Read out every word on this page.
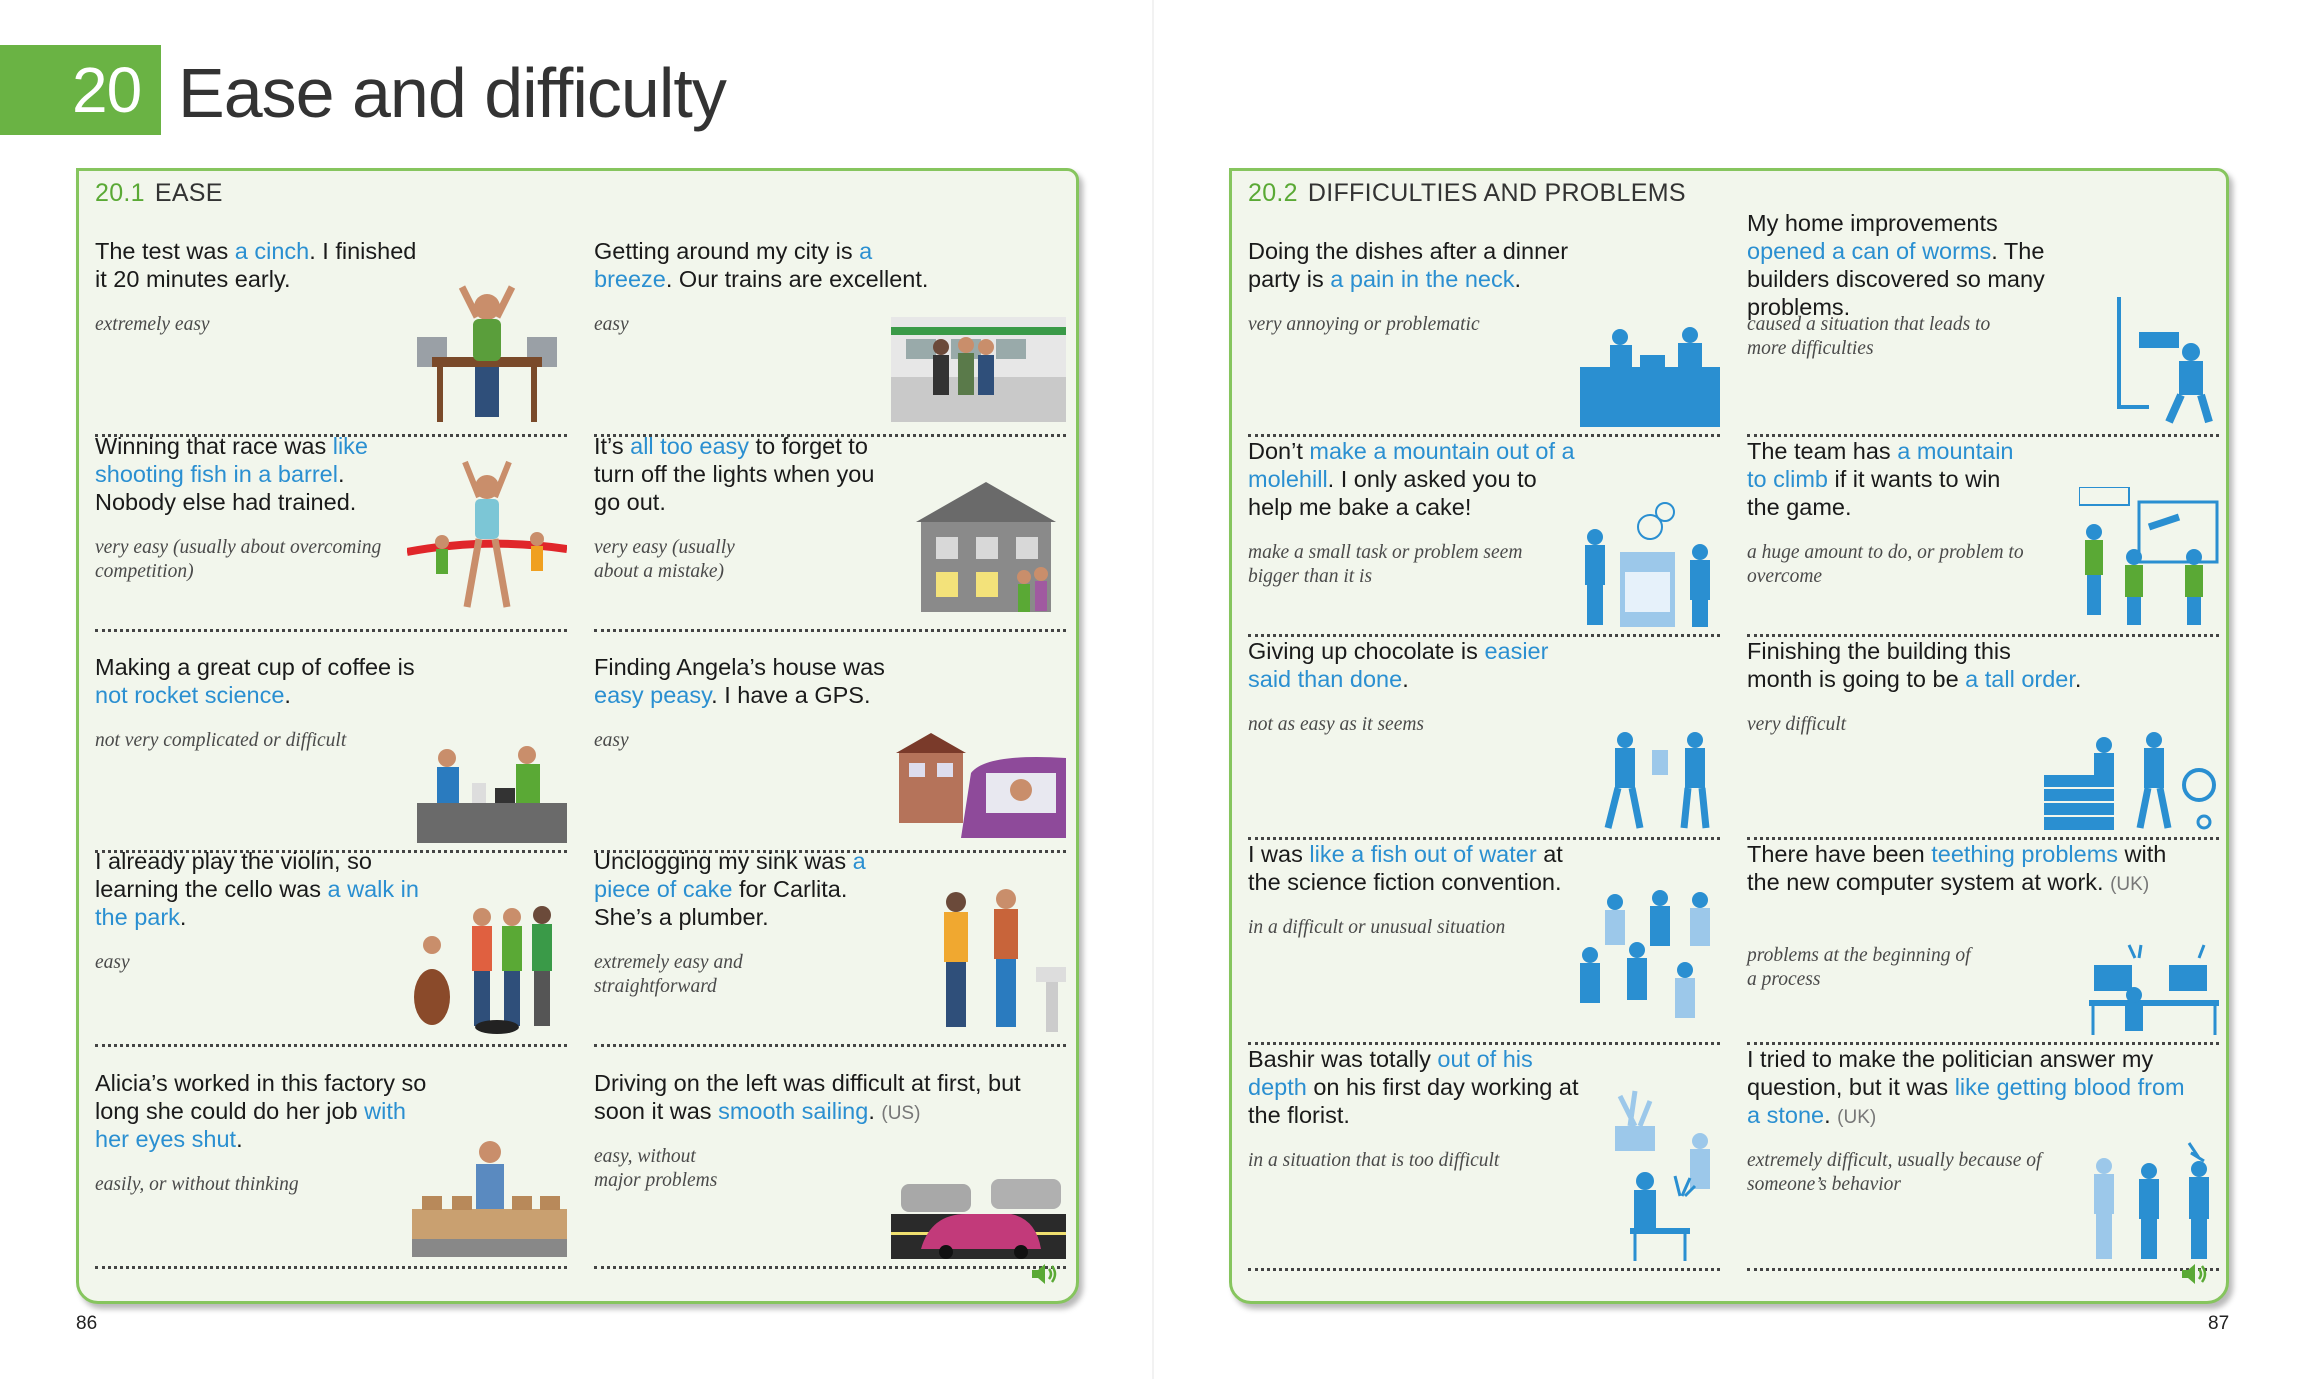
20 Ease and difficulty
20.1 EASE
The test was a cinch. I finished it 20 minutes early.
extremely easy
Getting around my city is a breeze. Our trains are excellent.
easy
Winning that race was like shooting fish in a barrel. Nobody else had trained.
very easy (usually about overcoming competition)
It’s all too easy to forget to turn off the lights when you go out.
very easy (usually about a mistake)
Making a great cup of coffee is not rocket science.
not very complicated or difficult
Finding Angela’s house was easy peasy. I have a GPS.
easy
I already play the violin, so learning the cello was a walk in the park.
easy
Unclogging my sink was a piece of cake for Carlita. She’s a plumber.
extremely easy and straightforward
Alicia’s worked in this factory so long she could do her job with her eyes shut.
easily, or without thinking
Driving on the left was difficult at first, but soon it was smooth sailing. (US)
easy, without major problems
20.2 DIFFICULTIES AND PROBLEMS
Doing the dishes after a dinner party is a pain in the neck.
very annoying or problematic
My home improvements opened a can of worms. The builders discovered so many problems.
caused a situation that leads to more difficulties
Don’t make a mountain out of a molehill. I only asked you to help me bake a cake!
make a small task or problem seem bigger than it is
The team has a mountain to climb if it wants to win the game.
a huge amount to do, or problem to overcome
Giving up chocolate is easier said than done.
not as easy as it seems
Finishing the building this month is going to be a tall order.
very difficult
I was like a fish out of water at the science fiction convention.
in a difficult or unusual situation
There have been teething problems with the new computer system at work. (UK)
problems at the beginning of a process
Bashir was totally out of his depth on his first day working at the florist.
in a situation that is too difficult
I tried to make the politician answer my question, but it was like getting blood from a stone. (UK)
extremely difficult, usually because of someone’s behavior
86	87
